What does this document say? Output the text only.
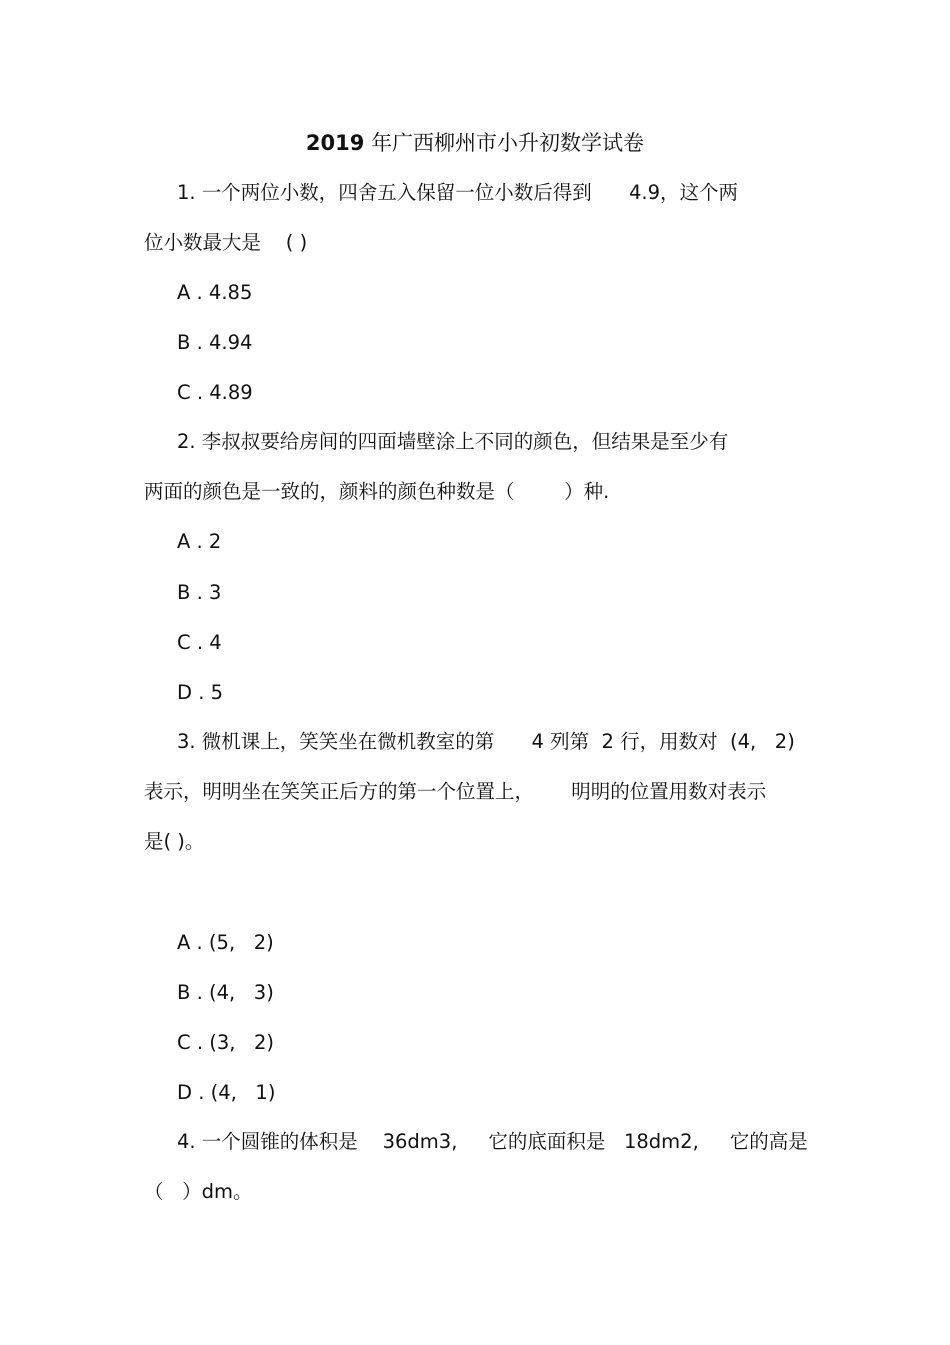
2019 年广西柳州市小升初数学试卷
1. 一个两位小数，四舍五入保留一位小数后得到      4.9，这个两
位小数最大是    ( )
A . 4.85
B . 4.94
C . 4.89
2. 李叔叔要给房间的四面墙壁涂上不同的颜色，但结果是至少有
两面的颜色是一致的，颜料的颜色种数是（        ）种.
A . 2
B . 3
C . 4
D . 5
3. 微机课上，笑笑坐在微机教室的第      4 列第  2 行，用数对  (4,   2)
表示，明明坐在笑笑正后方的第一个位置上，      明明的位置用数对表示
是( )。
A . (5,   2)
B . (4,   3)
C . (3,   2)
D . (4,   1)
4. 一个圆锥的体积是    36dm3,     它的底面积是   18dm2,     它的高是
（   ）dm。
